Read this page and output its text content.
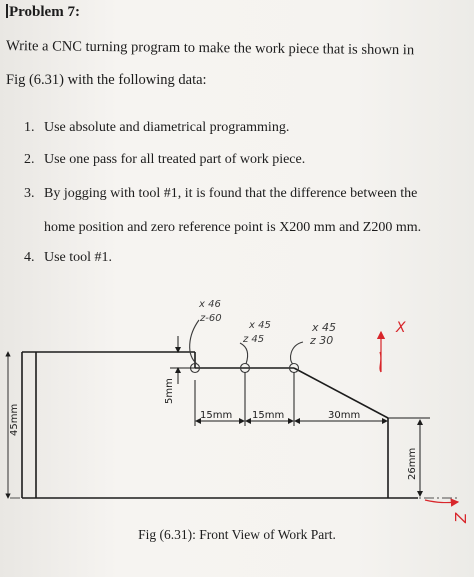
Problem 7:
Write a CNC turning program to make the work piece that is shown in
Fig (6.31) with the following data:
1. Use absolute and diametrical programming.
2. Use one pass for all treated part of work piece.
3. By jogging with tool #1, it is found that the difference between the
home position and zero reference point is X200 mm and Z200 mm.
4. Use tool #1.
5mm
45mm	15mm 15mm	30mm
26mm
x 46
z-60
x 45
z 45
x 45
z 30
X
Z
Fig (6.31): Front View of Work Part.
